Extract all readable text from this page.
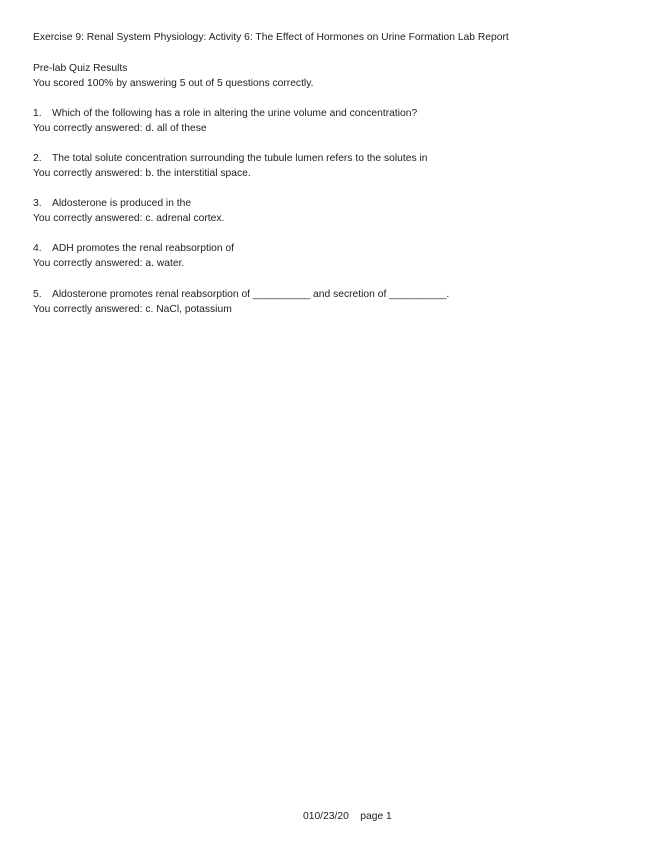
Exercise 9: Renal System Physiology: Activity 6: The Effect of Hormones on Urine Formation Lab Report
Pre-lab Quiz Results
You scored 100% by answering 5 out of 5 questions correctly.
1. Which of the following has a role in altering the urine volume and concentration?
You correctly answered: d. all of these
2. The total solute concentration surrounding the tubule lumen refers to the solutes in
You correctly answered: b. the interstitial space.
3. Aldosterone is produced in the
You correctly answered: c. adrenal cortex.
4. ADH promotes the renal reabsorption of
You correctly answered: a. water.
5. Aldosterone promotes renal reabsorption of __________ and secretion of __________.
You correctly answered: c. NaCl, potassium
010/23/20 page 1
